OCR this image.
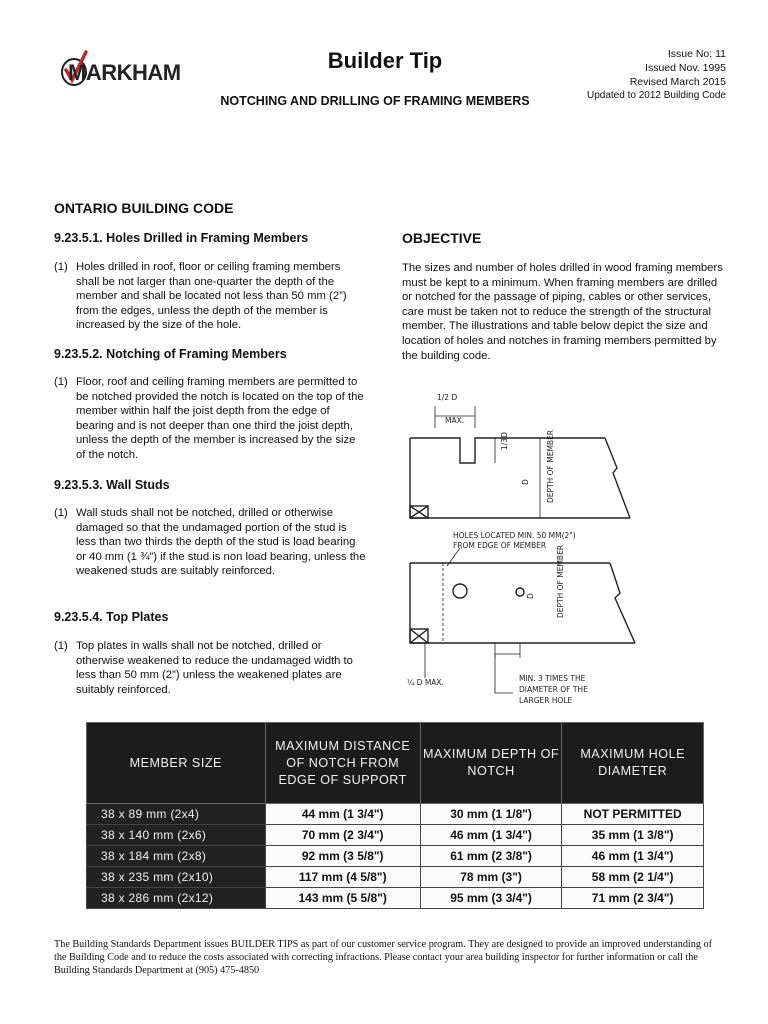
MARKHAM	Builder Tip
NOTCHING AND DRILLING OF FRAMING MEMBERS
Issue No: 11
Issued Nov. 1995
Revised March 2015
Updated to 2012 Building Code
ONTARIO BUILDING CODE
9.23.5.1. Holes Drilled in Framing Members
(1) Holes drilled in roof, floor or ceiling framing members shall be not larger than one-quarter the depth of the member and shall be located not less than 50 mm (2”) from the edges, unless the depth of the member is increased by the size of the hole.
9.23.5.2. Notching of Framing Members
(1) Floor, roof and ceiling framing members are permitted to be notched provided the notch is located on the top of the member within half the joist depth from the edge of bearing and is not deeper than one third the joist depth, unless the depth of the member is increased by the size of the notch.
9.23.5.3. Wall Studs
(1) Wall studs shall not be notched, drilled or otherwise damaged so that the undamaged portion of the stud is less than two thirds the depth of the stud is load bearing or 40 mm (1 ¾”) if the stud is non load bearing, unless the weakened studs are suitably reinforced.
9.23.5.4. Top Plates
(1) Top plates in walls shall not be notched, drilled or otherwise weakened to reduce the undamaged width to less than 50 mm (2”) unless the weakened plates are suitably reinforced.
OBJECTIVE
The sizes and number of holes drilled in wood framing members must be kept to a minimum. When framing members are drilled or notched for the passage of piping, cables or other services, care must be taken not to reduce the strength of the structural member. The illustrations and table below depict the size and location of holes and notches in framing members permitted by the building code.
1/2 D
MAX.
1/3D
D DEPTH OF MEMBER
HOLES LOCATED MIN. 50 MM(2")
FROM EDGE OF MEMBER
D	DEPTH OF MEMBER
¼ D MAX.	MIN. 3 TIMES THE
DIAMETER OF THE
LARGER HOLE
MEMBER SIZE	MAXIMUM DISTANCE OF NOTCH FROM EDGE OF SUPPORT	MAXIMUM DEPTH OF NOTCH	MAXIMUM HOLE DIAMETER
38 x 89 mm (2x4)	44 mm (1 3/4")	30 mm (1 1/8")	NOT PERMITTED
38 x 140 mm (2x6)	70 mm (2 3/4")	46 mm (1 3/4")	35 mm (1 3/8")
38 x 184 mm (2x8)	92 mm (3 5/8")	61 mm (2 3/8")	46 mm (1 3/4")
38 x 235 mm (2x10)	117 mm (4 5/8")	78 mm (3")	58 mm (2 1/4")
38 x 286 mm (2x12)	143 mm (5 5/8")	95 mm (3 3/4")	71 mm (2 3/4")
The Building Standards Department issues BUILDER TIPS as part of our customer service program. They are designed to provide an improved understanding of the Building Code and to reduce the costs associated with correcting infractions. Please contact your area building inspector for further information or call the Building Standards Department at (905) 475-4850
